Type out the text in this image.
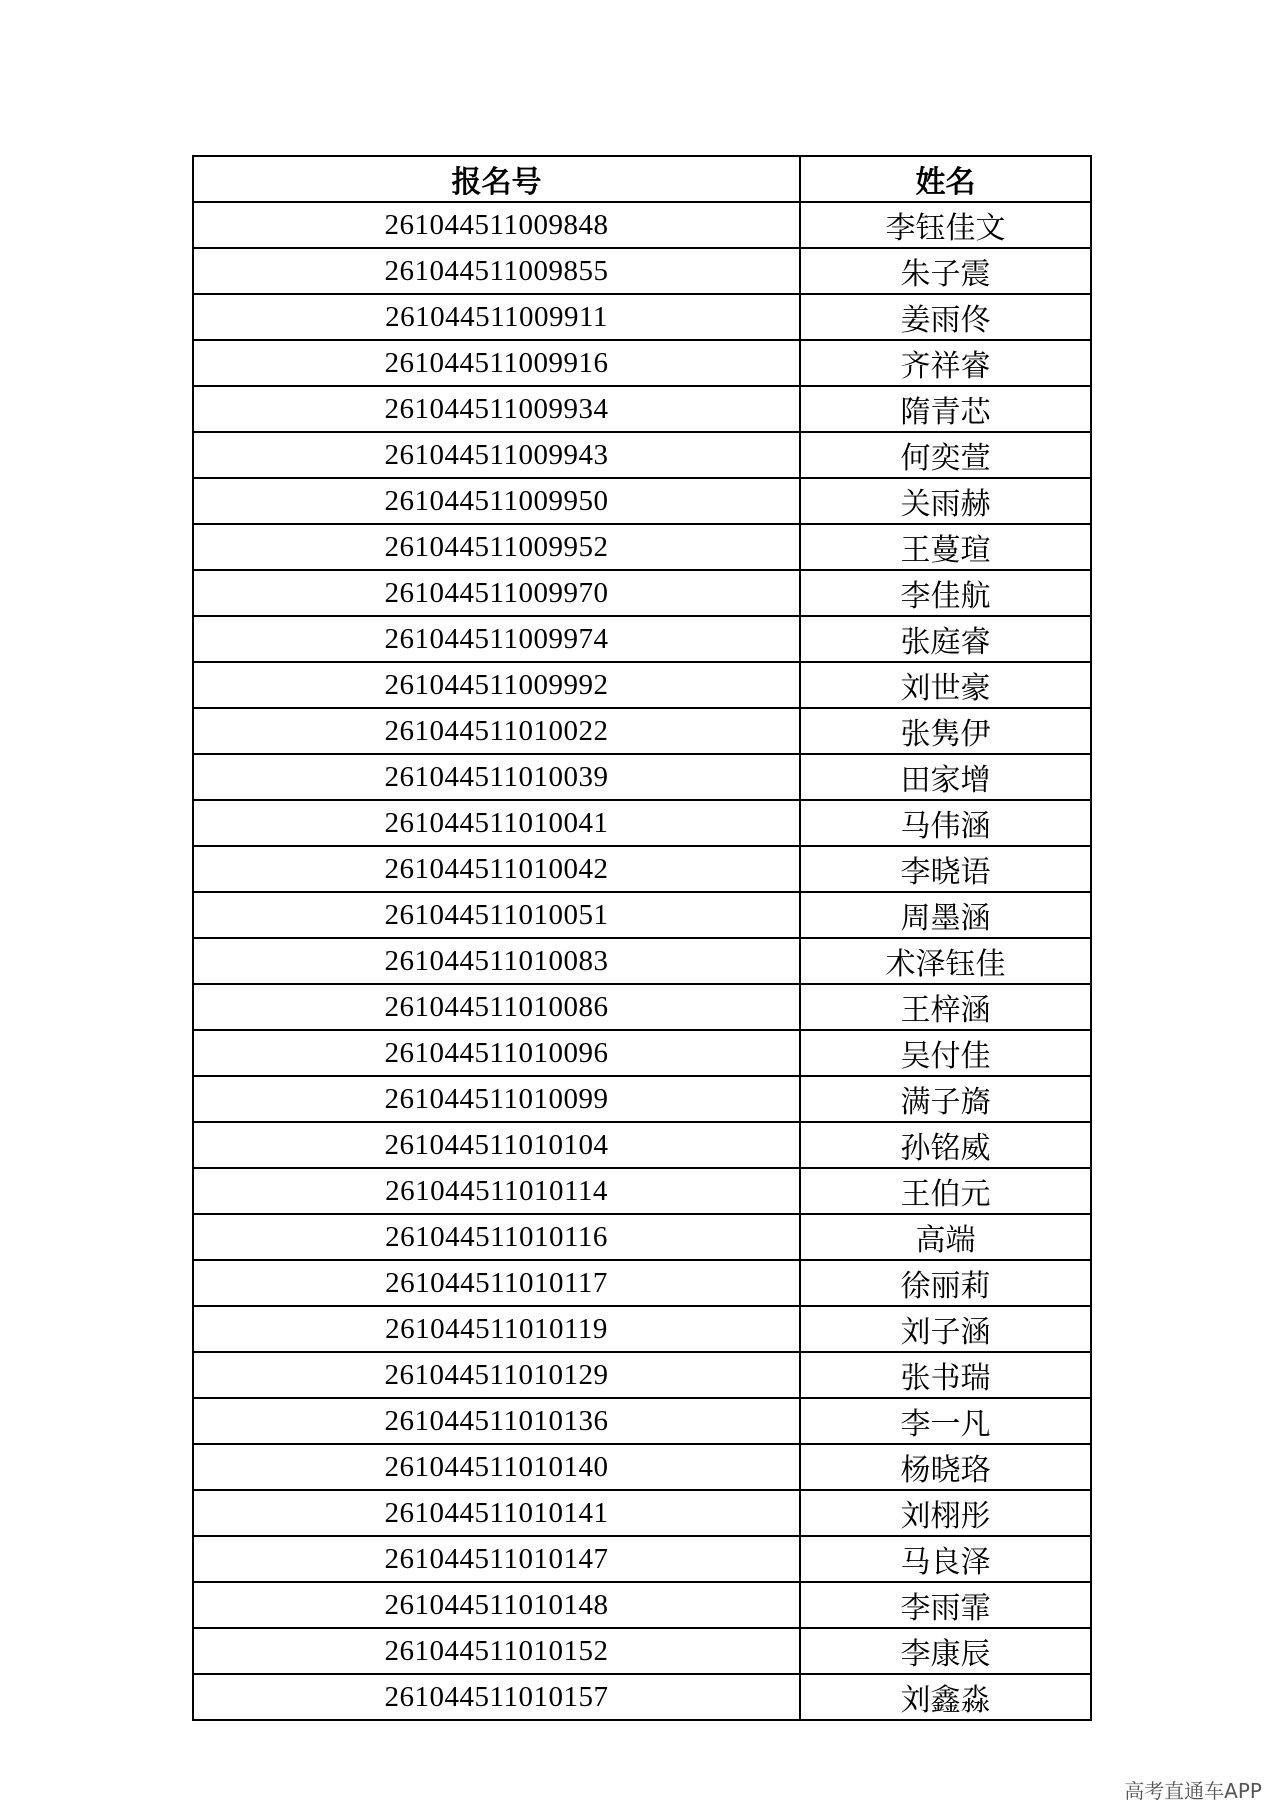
报名号	姓名
261044511009848	李钰佳文
261044511009855	朱子震
261044511009911	姜雨佟
261044511009916	齐祥睿
261044511009934	隋青芯
261044511009943	何奕萱
261044511009950	关雨赫
261044511009952	王蔓瑄
261044511009970	李佳航
261044511009974	张庭睿
261044511009992	刘世豪
261044511010022	张隽伊
261044511010039	田家增
261044511010041	马伟涵
261044511010042	李晓语
261044511010051	周墨涵
261044511010083	术泽钰佳
261044511010086	王梓涵
261044511010096	吴付佳
261044511010099	满子旖
261044511010104	孙铭威
261044511010114	王伯元
261044511010116	高端
261044511010117	徐丽莉
261044511010119	刘子涵
261044511010129	张书瑞
261044511010136	李一凡
261044511010140	杨晓珞
261044511010141	刘栩彤
261044511010147	马良泽
261044511010148	李雨霏
261044511010152	李康辰
261044511010157	刘鑫淼
高考直通车APP
